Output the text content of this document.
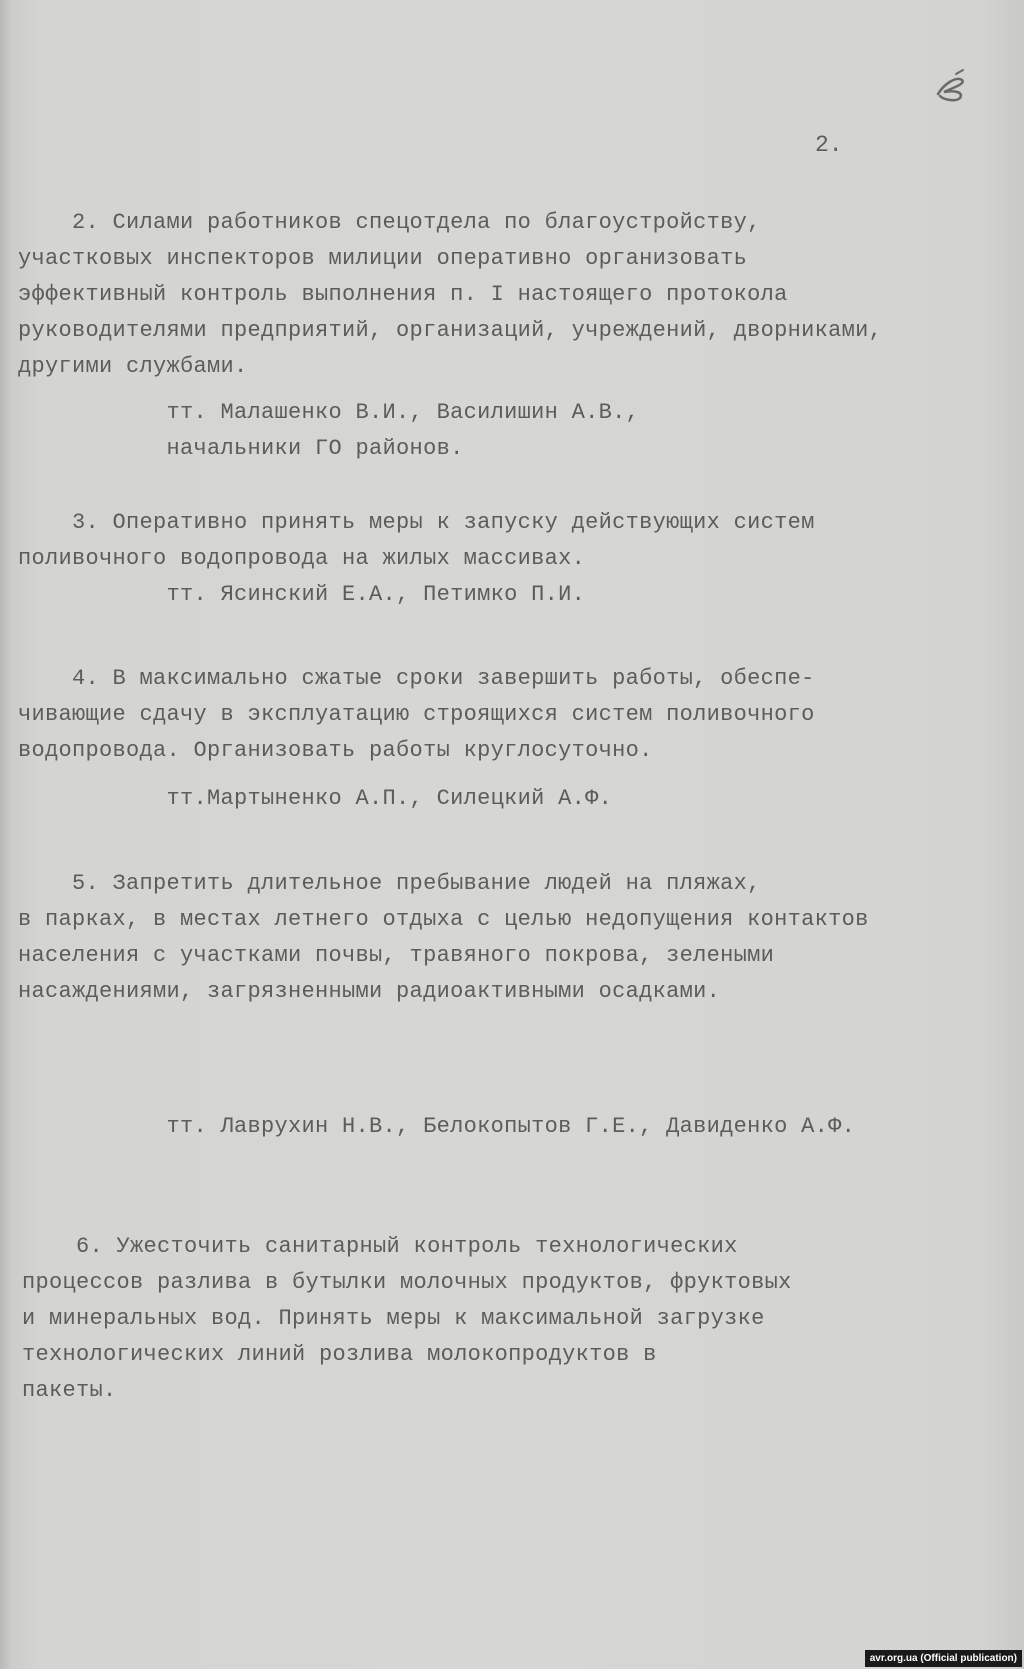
2.
2. Силами работников спецотдела по благоустройству,
участковых инспекторов милиции оперативно организовать
эффективный контроль выполнения п. I настоящего протокола
руководителями предприятий, организаций, учреждений, дворниками,
другими службами.
тт. Малашенко В.И., Василишин А.В.,
начальники ГО районов.
3. Оперативно принять меры к запуску действующих систем
поливочного водопровода на жилых массивах.
тт. Ясинский Е.А., Петимко П.И.
4. В максимально сжатые сроки завершить работы, обеспе-
чивающие сдачу в эксплуатацию строящихся систем поливочного
водопровода. Организовать работы круглосуточно.
тт.Мартыненко А.П., Силецкий А.Ф.
5. Запретить длительное пребывание людей на пляжах,
в парках, в местах летнего отдыха с целью недопущения контактов
населения с участками почвы, травяного покрова, зелеными
насаждениями, загрязненными радиоактивными осадками.
тт. Лаврухин Н.В., Белокопытов Г.Е., Давиденко А.Ф.
6. Ужесточить санитарный контроль технологических
процессов разлива в бутылки молочных продуктов, фруктовых
и минеральных вод. Принять меры к максимальной загрузке
технологических линий розлива молокопродуктов в
пакеты.
avr.org.ua (Official publication)
